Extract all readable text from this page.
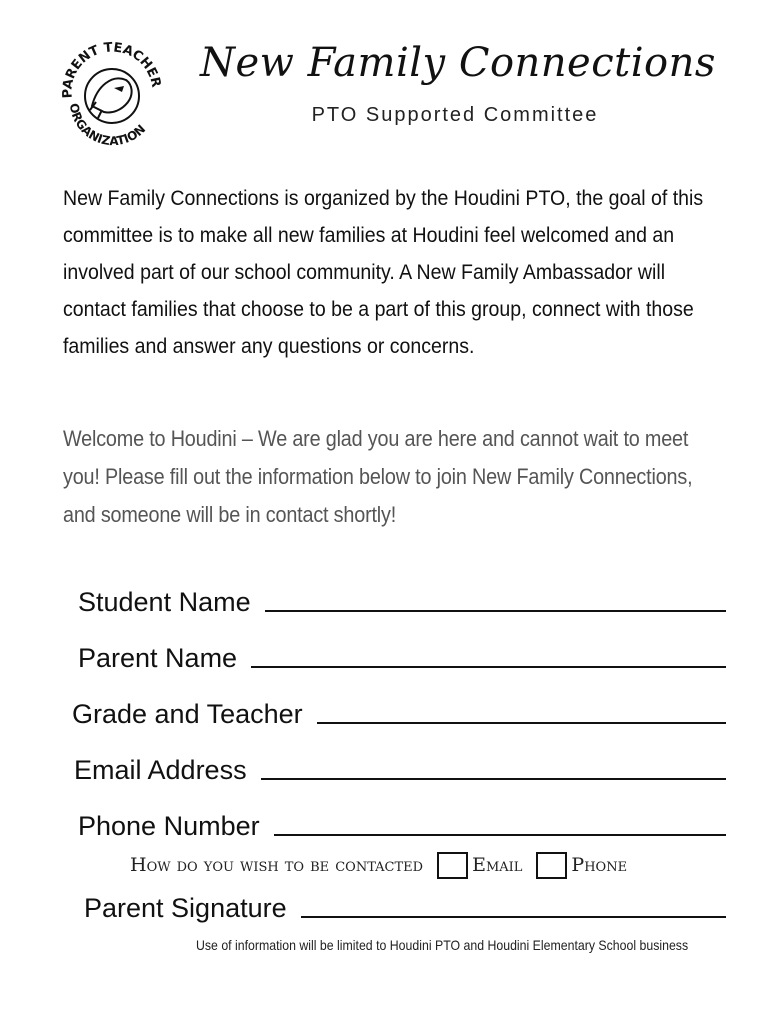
PARENT TEACHER
ORGANIZATION
New Family Connections
PTO Supported Committee
New Family Connections is organized by the Houdini PTO, the goal of this committee is to make all new families at Houdini feel welcomed and an involved part of our school community. A New Family Ambassador will contact families that choose to be a part of this group, connect with those families and answer any questions or concerns.
Welcome to Houdini – We are glad you are here and cannot wait to meet you! Please fill out the information below to join New Family Connections, and someone will be in contact shortly!
Student Name
Parent Name
Grade and Teacher
Email Address
Phone Number
How do you wish to be contacted	Email	Phone
Parent Signature
Use of information will be limited to Houdini PTO and Houdini Elementary School business
